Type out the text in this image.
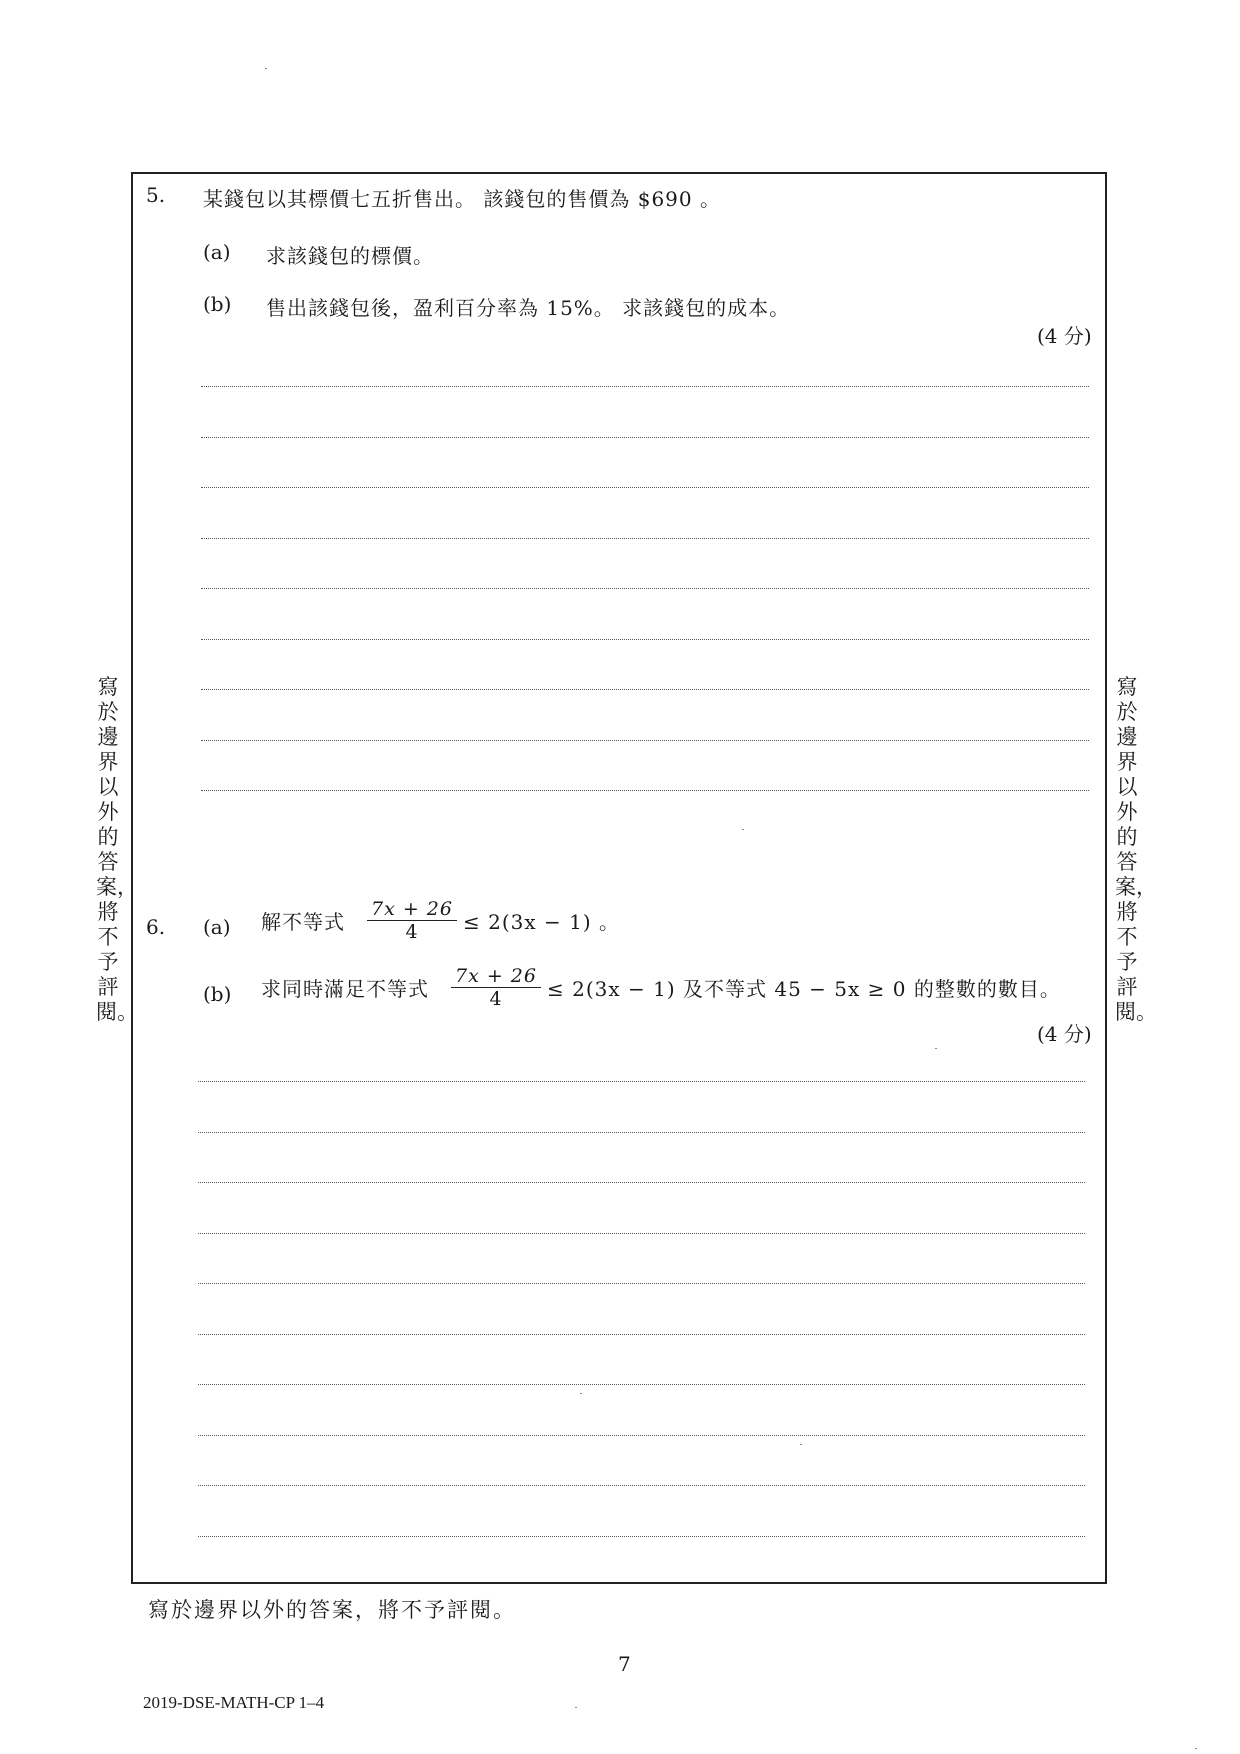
5. 某錢包以其標價七五折售出。 該錢包的售價為 $690 。
(a) 求該錢包的標價。
(b) 售出該錢包後，盈利百分率為 15%。 求該錢包的成本。
(4 分)
6. (a) 解不等式 $\frac{7x + 26}{4} \le 2(3x - 1)$ 。
(b) 求同時滿足不等式 $\frac{7x + 26}{4} \le 2(3x - 1)$ 及不等式 45 − 5x ≥ 0 的整數的數目。
(4 分)
寫於邊界以外的答案，將不予評閱。
寫於邊界以外的答案，將不予評閱。
寫於邊界以外的答案，將不予評閱。
7
2019-DSE-MATH-CP 1–4
